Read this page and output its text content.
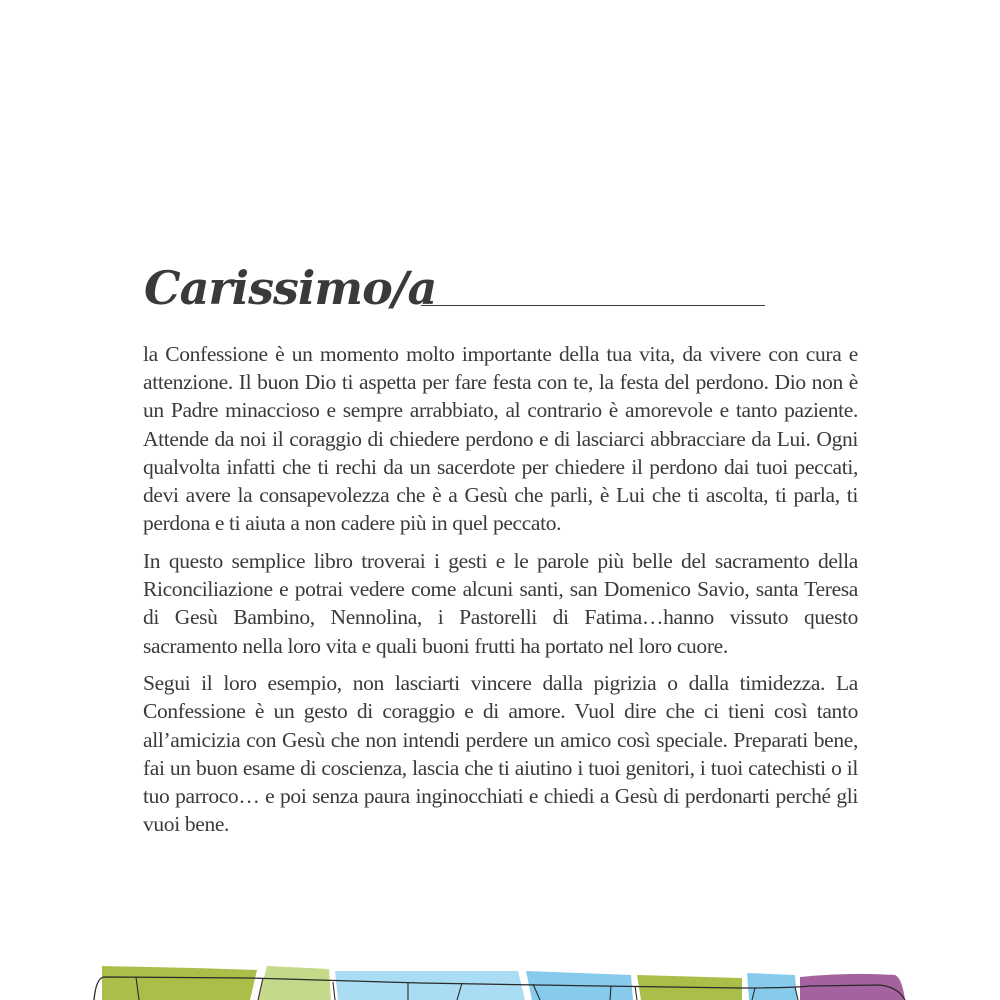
Carissimo/a

la Confessione è un momento molto importante della tua vita, da vivere con cura e attenzione. Il buon Dio ti aspetta per fare festa con te, la festa del perdono. Dio non è un Padre minaccioso e sempre arrabbiato, al contrario è amorevole e tanto paziente. Attende da noi il coraggio di chiedere perdono e di lasciarci abbracciare da Lui. Ogni qualvolta infatti che ti rechi da un sacerdote per chiedere il perdono dai tuoi peccati, devi avere la consapevolezza che è a Gesù che parli, è Lui che ti ascolta, ti parla, ti perdona e ti aiuta a non cadere più in quel peccato.

In questo semplice libro troverai i gesti e le parole più belle del sacramento della Riconciliazione e potrai vedere come alcuni santi, san Domenico Savio, santa Teresa di Gesù Bambino, Nennolina, i Pastorelli di Fatima…hanno vissuto questo sacramento nella loro vita e quali buoni frutti ha portato nel loro cuore.

Segui il loro esempio, non lasciarti vincere dalla pigrizia o dalla timidezza. La Confessione è un gesto di coraggio e di amore. Vuol dire che ci tieni così tanto all’amicizia con Gesù che non intendi perdere un amico così speciale. Preparati bene, fai un buon esame di coscienza, lascia che ti aiutino i tuoi genitori, i tuoi catechisti o il tuo parroco… e poi senza paura inginocchiati e chiedi a Gesù di perdonarti perché gli vuoi bene.
